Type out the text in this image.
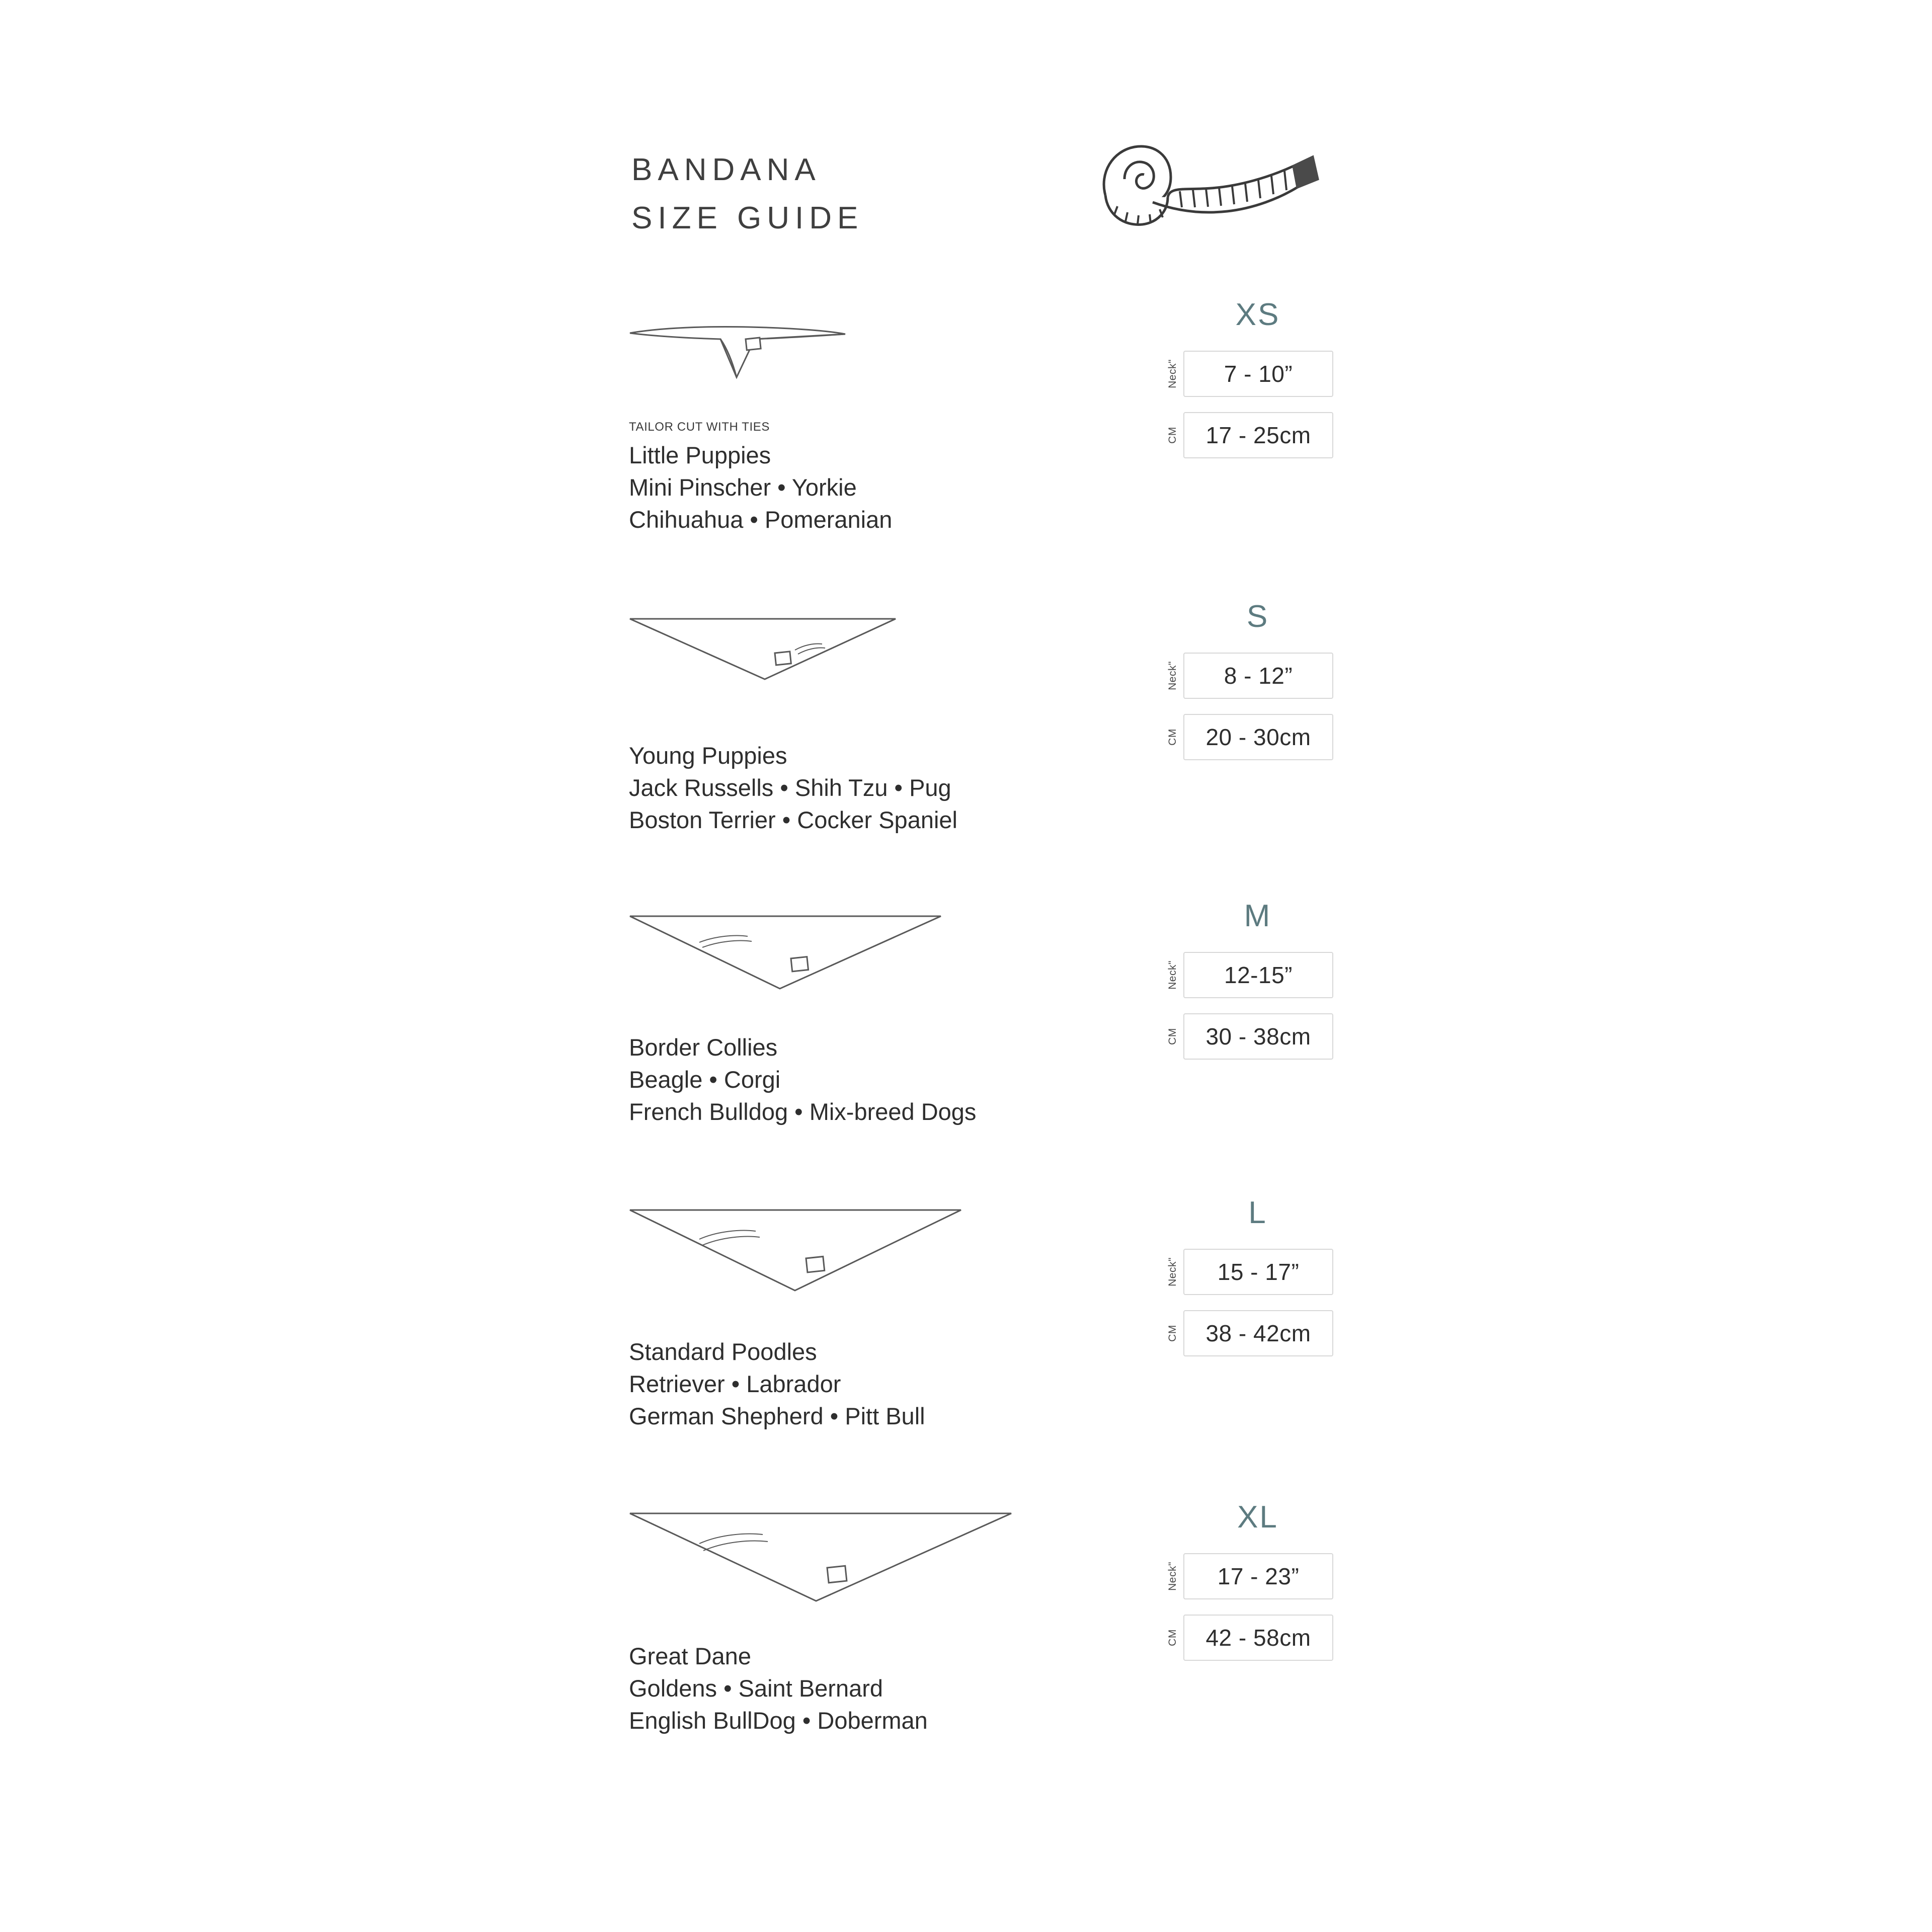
BANDANA
SIZE GUIDE
TAILOR CUT WITH TIES
Little Puppies
Mini Pinscher • Yorkie
Chihuahua • Pomeranian
XS
Neck" 7 - 10”
CM 17 - 25 cm
Young Puppies
Jack Russells • Shih Tzu • Pug
Boston Terrier • Cocker Spaniel
S
Neck" 8 - 12”
CM 20 - 30 cm
Border Collies
Beagle • Corgi
French Bulldog • Mix-breed Dogs
M
Neck" 12-15”
CM 30 - 38 cm
Standard Poodles
Retriever • Labrador
German Shepherd • Pitt Bull
L
Neck" 15 - 17”
CM 38 - 42 cm
Great Dane
Goldens • Saint Bernard
English BullDog • Doberman
XL
Neck" 17 - 23”
CM 42 - 58 cm
